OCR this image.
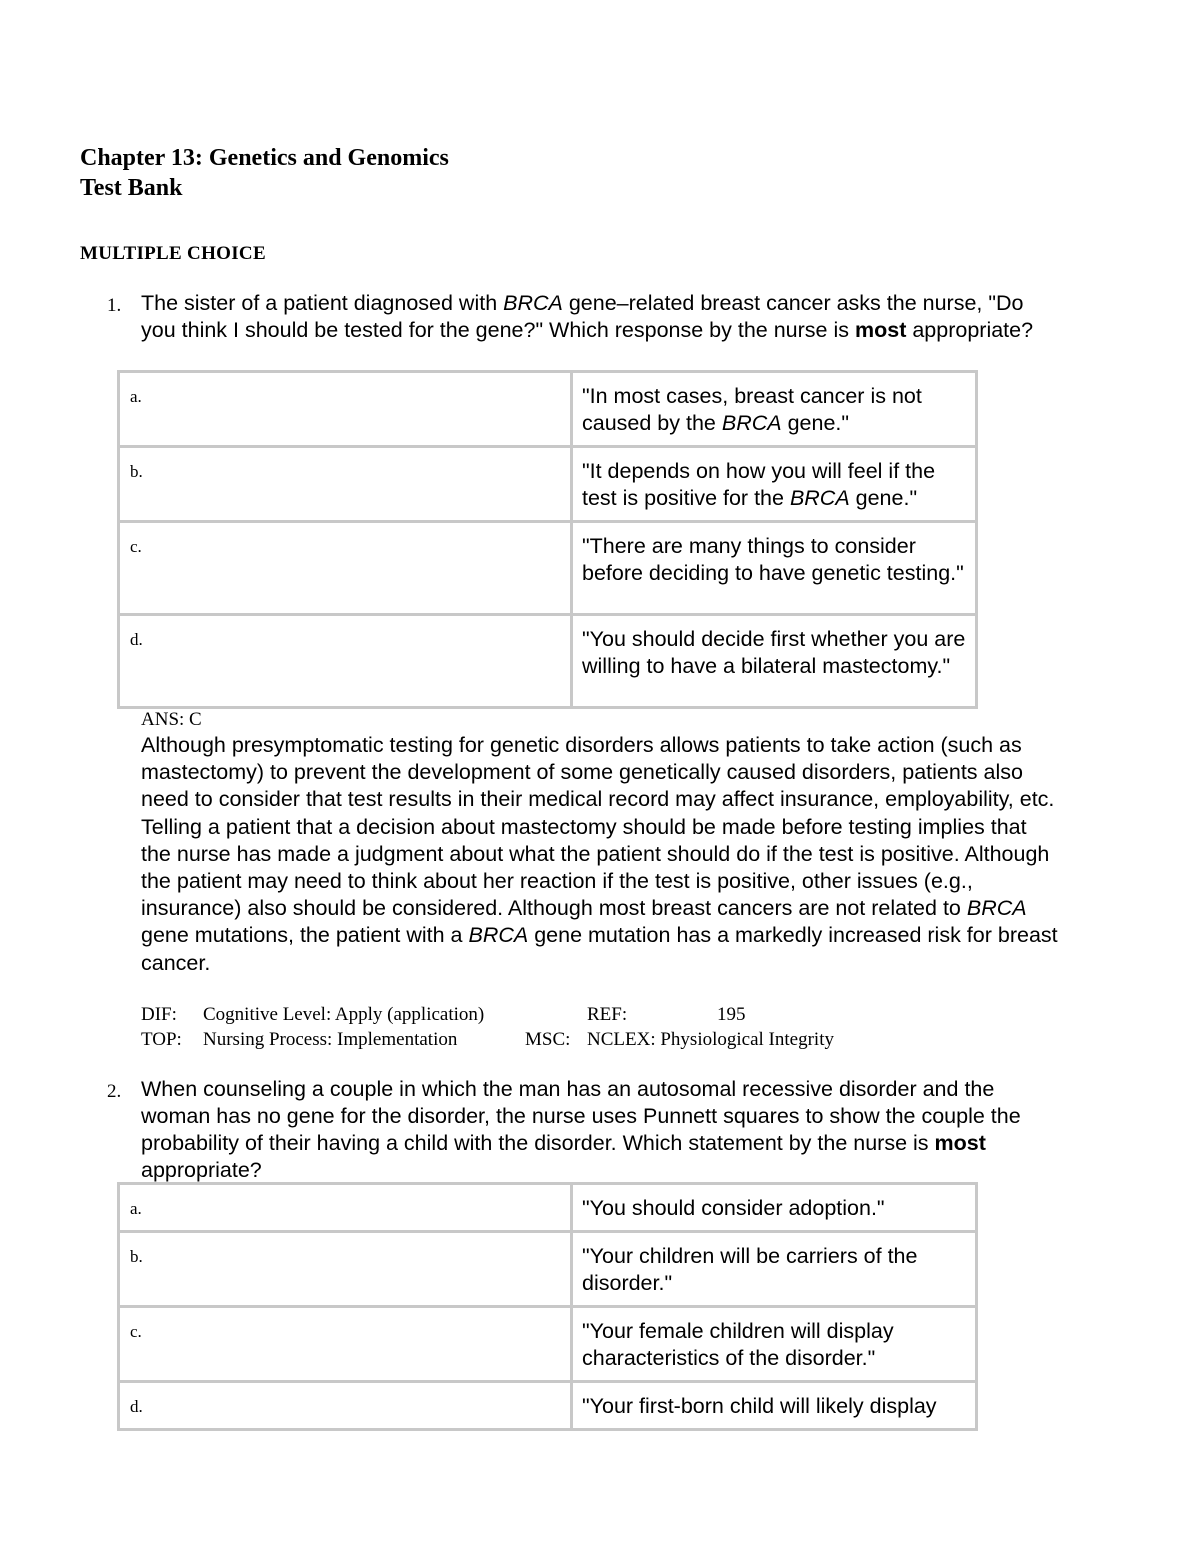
Chapter 13: Genetics and Genomics
Test Bank
MULTIPLE CHOICE
1. The sister of a patient diagnosed with BRCA gene–related breast cancer asks the nurse, "Do you think I should be tested for the gene?" Which response by the nurse is most appropriate?
a.	"In most cases, breast cancer is not caused by the BRCA gene."
b.	"It depends on how you will feel if the test is positive for the BRCA gene."
c.	"There are many things to consider before deciding to have genetic testing."
d.	"You should decide first whether you are willing to have a bilateral mastectomy."
ANS: C
Although presymptomatic testing for genetic disorders allows patients to take action (such as mastectomy) to prevent the development of some genetically caused disorders, patients also need to consider that test results in their medical record may affect insurance, employability, etc. Telling a patient that a decision about mastectomy should be made before testing implies that the nurse has made a judgment about what the patient should do if the test is positive. Although the patient may need to think about her reaction if the test is positive, other issues (e.g., insurance) also should be considered. Although most breast cancers are not related to BRCA gene mutations, the patient with a BRCA gene mutation has a markedly increased risk for breast cancer.
DIF: Cognitive Level: Apply (application)	REF:	195
TOP: Nursing Process: Implementation	MSC: NCLEX: Physiological Integrity
2. When counseling a couple in which the man has an autosomal recessive disorder and the woman has no gene for the disorder, the nurse uses Punnett squares to show the couple the probability of their having a child with the disorder. Which statement by the nurse is most appropriate?
a.	"You should consider adoption."
b.	"Your children will be carriers of the disorder."
c.	"Your female children will display characteristics of the disorder."
d.	"Your first-born child will likely display
